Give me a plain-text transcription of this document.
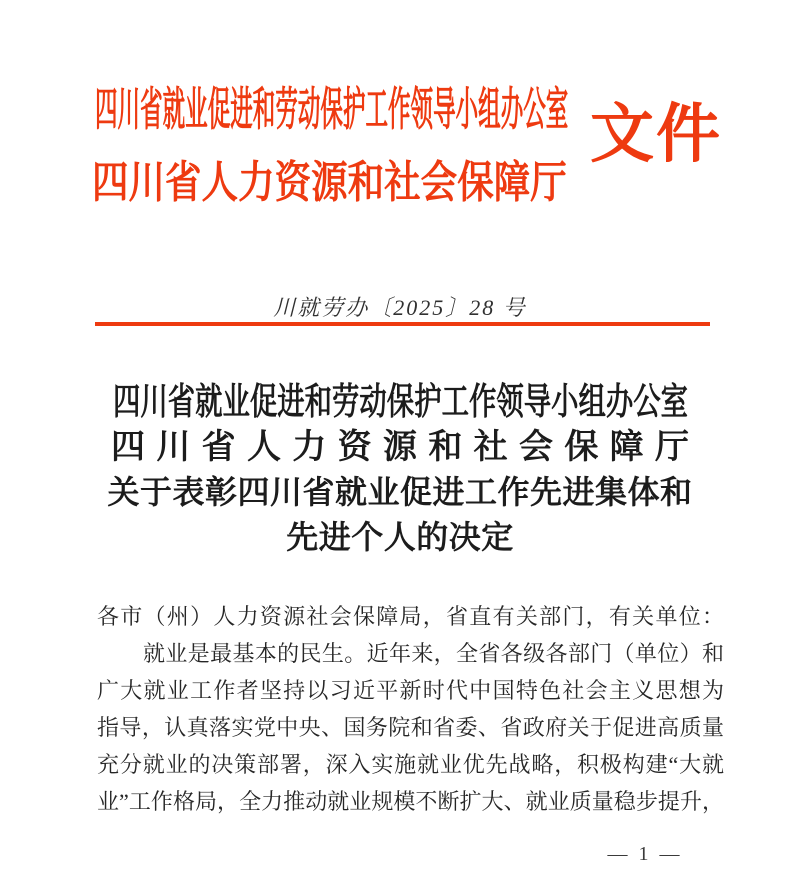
四川省就业促进和劳动保护工作领导小组办公室
四川省人力资源和社会保障厅
文件
川就劳办〔2025〕28 号
四川省就业促进和劳动保护工作领导小组办公室
四川省人力资源和社会保障厅
关于表彰四川省就业促进工作先进集体和
先进个人的决定
各市（州）人力资源社会保障局，省直有关部门，有关单位：
就业是最基本的民生。近年来，全省各级各部门（单位）和
广大就业工作者坚持以习近平新时代中国特色社会主义思想为
指导，认真落实党中央、国务院和省委、省政府关于促进高质量
充分就业的决策部署，深入实施就业优先战略，积极构建“大就
业”工作格局，全力推动就业规模不断扩大、就业质量稳步提升，
— 1 —
